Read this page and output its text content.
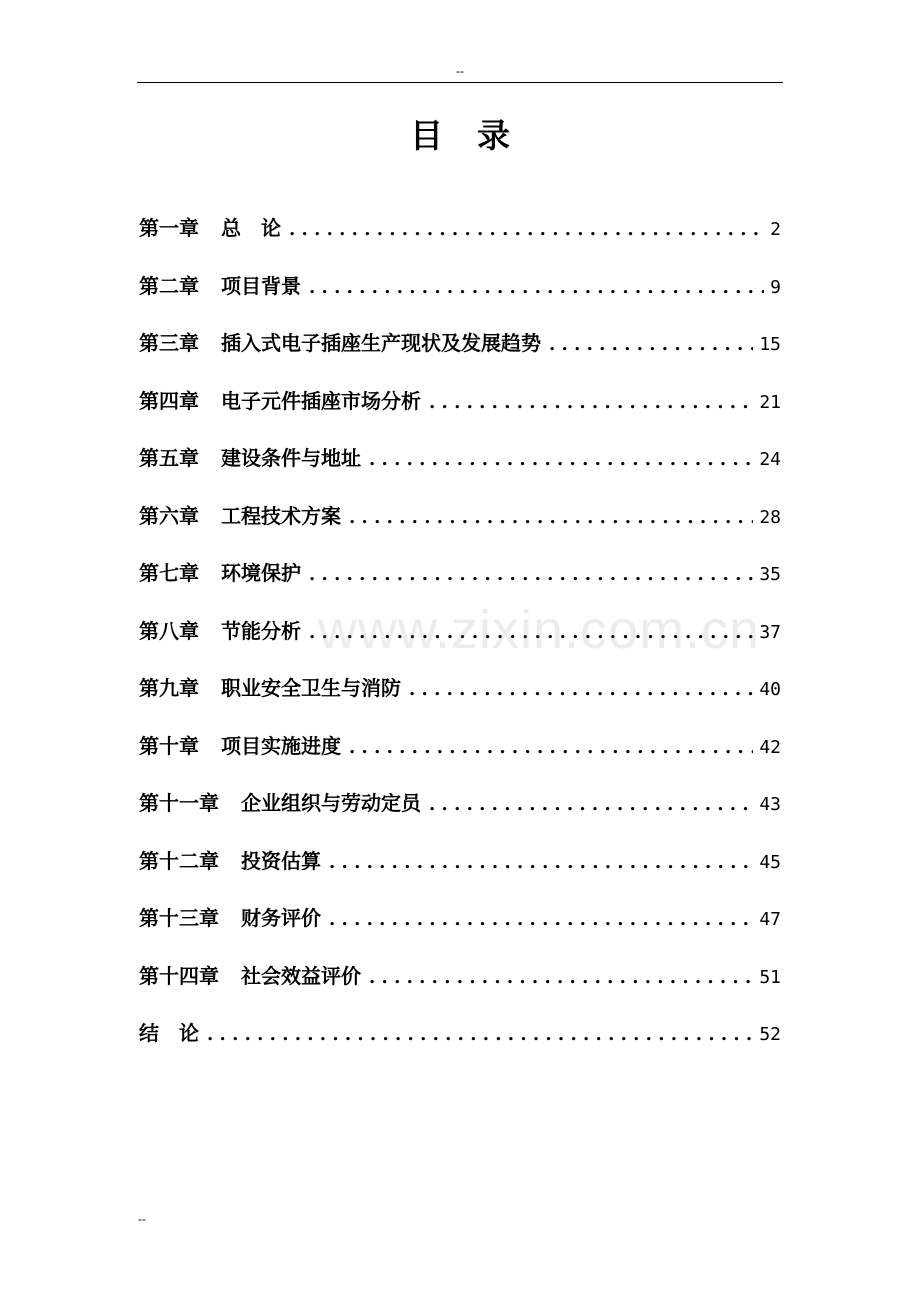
--
目录
第一章 总　论 . . .	2
第二章 项目背景 . . .	9
第三章 插入式电子插座生产现状及发展趋势 . . .	15
第四章 电子元件插座市场分析 . . .	21
第五章 建设条件与地址 . . .	24
第六章 工程技术方案 . . .	28
第七章 环境保护 . . .	35
第八章 节能分析 . . .	37
第九章 职业安全卫生与消防 . . .	40
第十章 项目实施进度 . . .	42
第十一章 企业组织与劳动定员 . . .	43
第十二章 投资估算 . . .	45
第十三章 财务评价 . . .	47
第十四章 社会效益评价 . . .	51
结　论 . . .	52
www.zixin.com.cn
--
